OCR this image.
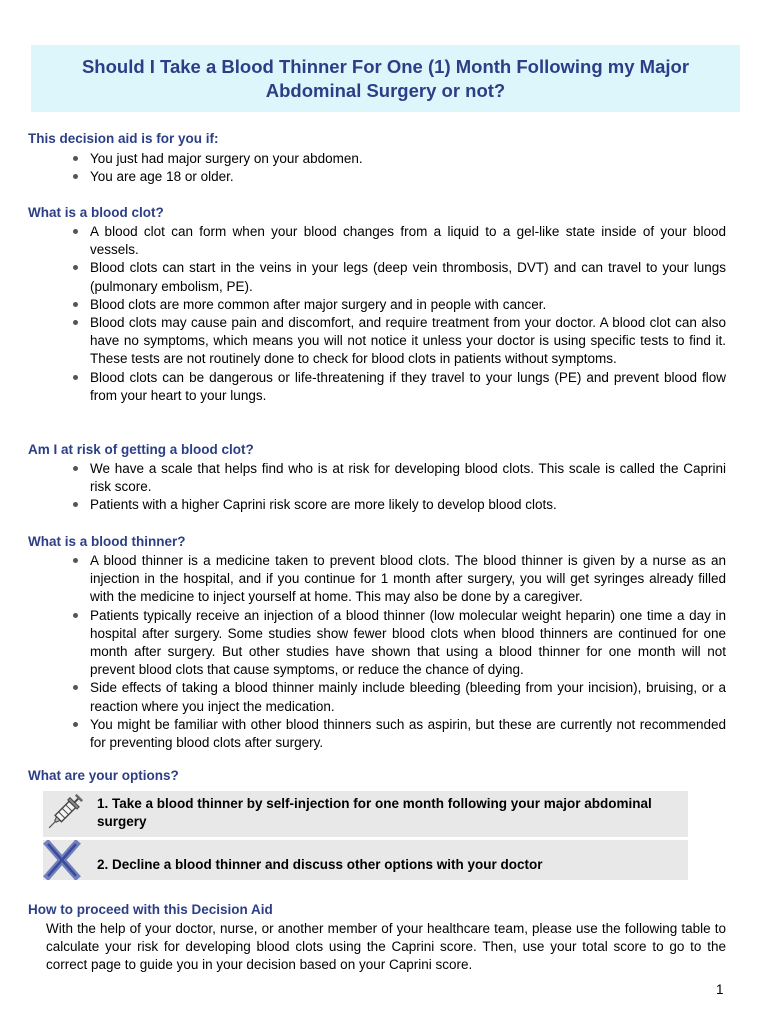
Should I Take a Blood Thinner For One (1) Month Following my Major Abdominal Surgery or not?
This decision aid is for you if:
You just had major surgery on your abdomen.
You are age 18 or older.
What is a blood clot?
A blood clot can form when your blood changes from a liquid to a gel-like state inside of your blood vessels.
Blood clots can start in the veins in your legs (deep vein thrombosis, DVT) and can travel to your lungs (pulmonary embolism, PE).
Blood clots are more common after major surgery and in people with cancer.
Blood clots may cause pain and discomfort, and require treatment from your doctor. A blood clot can also have no symptoms, which means you will not notice it unless your doctor is using specific tests to find it. These tests are not routinely done to check for blood clots in patients without symptoms.
Blood clots can be dangerous or life-threatening if they travel to your lungs (PE) and prevent blood flow from your heart to your lungs.
Am I at risk of getting a blood clot?
We have a scale that helps find who is at risk for developing blood clots. This scale is called the Caprini risk score.
Patients with a higher Caprini risk score are more likely to develop blood clots.
What is a blood thinner?
A blood thinner is a medicine taken to prevent blood clots. The blood thinner is given by a nurse as an injection in the hospital, and if you continue for 1 month after surgery, you will get syringes already filled with the medicine to inject yourself at home. This may also be done by a caregiver.
Patients typically receive an injection of a blood thinner (low molecular weight heparin) one time a day in hospital after surgery. Some studies show fewer blood clots when blood thinners are continued for one month after surgery. But other studies have shown that using a blood thinner for one month will not prevent blood clots that cause symptoms, or reduce the chance of dying.
Side effects of taking a blood thinner mainly include bleeding (bleeding from your incision), bruising, or a reaction where you inject the medication.
You might be familiar with other blood thinners such as aspirin, but these are currently not recommended for preventing blood clots after surgery.
What are your options?
1. Take a blood thinner by self-injection for one month following your major abdominal surgery
2. Decline a blood thinner and discuss other options with your doctor
How to proceed with this Decision Aid

With the help of your doctor, nurse, or another member of your healthcare team, please use the following table to calculate your risk for developing blood clots using the Caprini score. Then, use your total score to go to the correct page to guide you in your decision based on your Caprini score.

1
